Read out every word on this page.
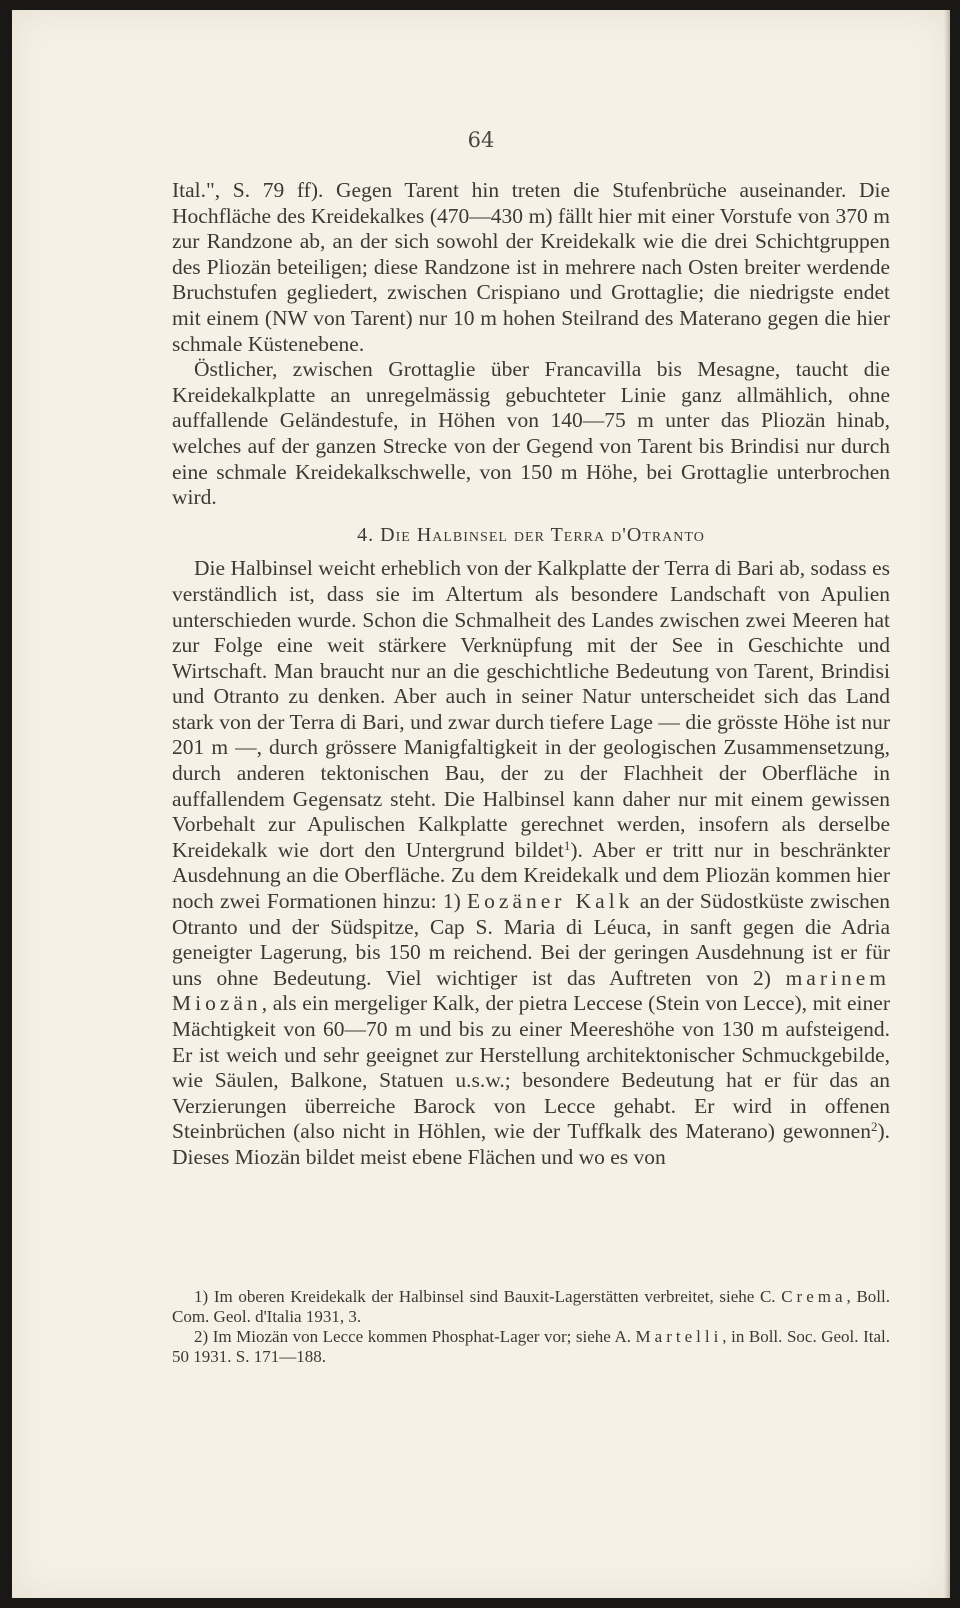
64

Ital.", S. 79 ff). Gegen Tarent hin treten die Stufenbrüche auseinander. Die Hochfläche des Kreidekalkes (470—430 m) fällt hier mit einer Vorstufe von 370 m zur Randzone ab, an der sich sowohl der Kreidekalk wie die drei Schichtgruppen des Pliozän beteiligen; diese Randzone ist in mehrere nach Osten breiter werdende Bruchstufen gegliedert, zwischen Crispiano und Grottaglie; die niedrigste endet mit einem (NW von Tarent) nur 10 m hohen Steilrand des Materano gegen die hier schmale Küstenebene.

Östlicher, zwischen Grottaglie über Francavilla bis Mesagne, taucht die Kreidekalkplatte an unregelmässig gebuchteter Linie ganz allmählich, ohne auffallende Geländestufe, in Höhen von 140—75 m unter das Pliozän hinab, welches auf der ganzen Strecke von der Gegend von Tarent bis Brindisi nur durch eine schmale Kreidekalkschwelle, von 150 m Höhe, bei Grottaglie unterbrochen wird.

4. Die Halbinsel der Terra d'Otranto

Die Halbinsel weicht erheblich von der Kalkplatte der Terra di Bari ab, sodass es verständlich ist, dass sie im Altertum als besondere Landschaft von Apulien unterschieden wurde. Schon die Schmalheit des Landes zwischen zwei Meeren hat zur Folge eine weit stärkere Verknüpfung mit der See in Geschichte und Wirtschaft. Man braucht nur an die geschichtliche Bedeutung von Tarent, Brindisi und Otranto zu denken. Aber auch in seiner Natur unterscheidet sich das Land stark von der Terra di Bari, und zwar durch tiefere Lage — die grösste Höhe ist nur 201 m —, durch grössere Manigfaltigkeit in der geologischen Zusammensetzung, durch anderen tektonischen Bau, der zu der Flachheit der Oberfläche in auffallendem Gegensatz steht. Die Halbinsel kann daher nur mit einem gewissen Vorbehalt zur Apulischen Kalkplatte gerechnet werden, insofern als derselbe Kreidekalk wie dort den Untergrund bildet$^1$). Aber er tritt nur in beschränkter Ausdehnung an die Oberfläche. Zu dem Kreidekalk und dem Pliozän kommen hier noch zwei Formationen hinzu: 1) Eozäner Kalk an der Südostküste zwischen Otranto und der Südspitze, Cap S. Maria di Léuca, in sanft gegen die Adria geneigter Lagerung, bis 150 m reichend. Bei der geringen Ausdehnung ist er für uns ohne Bedeutung. Viel wichtiger ist das Auftreten von 2) marinem Miozän, als ein mergeliger Kalk, der pietra Leccese (Stein von Lecce), mit einer Mächtigkeit von 60—70 m und bis zu einer Meereshöhe von 130 m aufsteigend. Er ist weich und sehr geeignet zur Herstellung architektonischer Schmuckgebilde, wie Säulen, Balkone, Statuen u.s.w.; besondere Bedeutung hat er für das an Verzierungen überreiche Barock von Lecce gehabt. Er wird in offenen Steinbrüchen (also nicht in Höhlen, wie der Tuffkalk des Materano) gewonnen$^2$). Dieses Miozän bildet meist ebene Flächen und wo es von

1) Im oberen Kreidekalk der Halbinsel sind Bauxit-Lagerstätten verbreitet, siehe C. Crema, Boll. Com. Geol. d'Italia 1931, 3.

2) Im Miozän von Lecce kommen Phosphat-Lager vor; siehe A. Martelli, in Boll. Soc. Geol. Ital. 50 1931. S. 171—188.
